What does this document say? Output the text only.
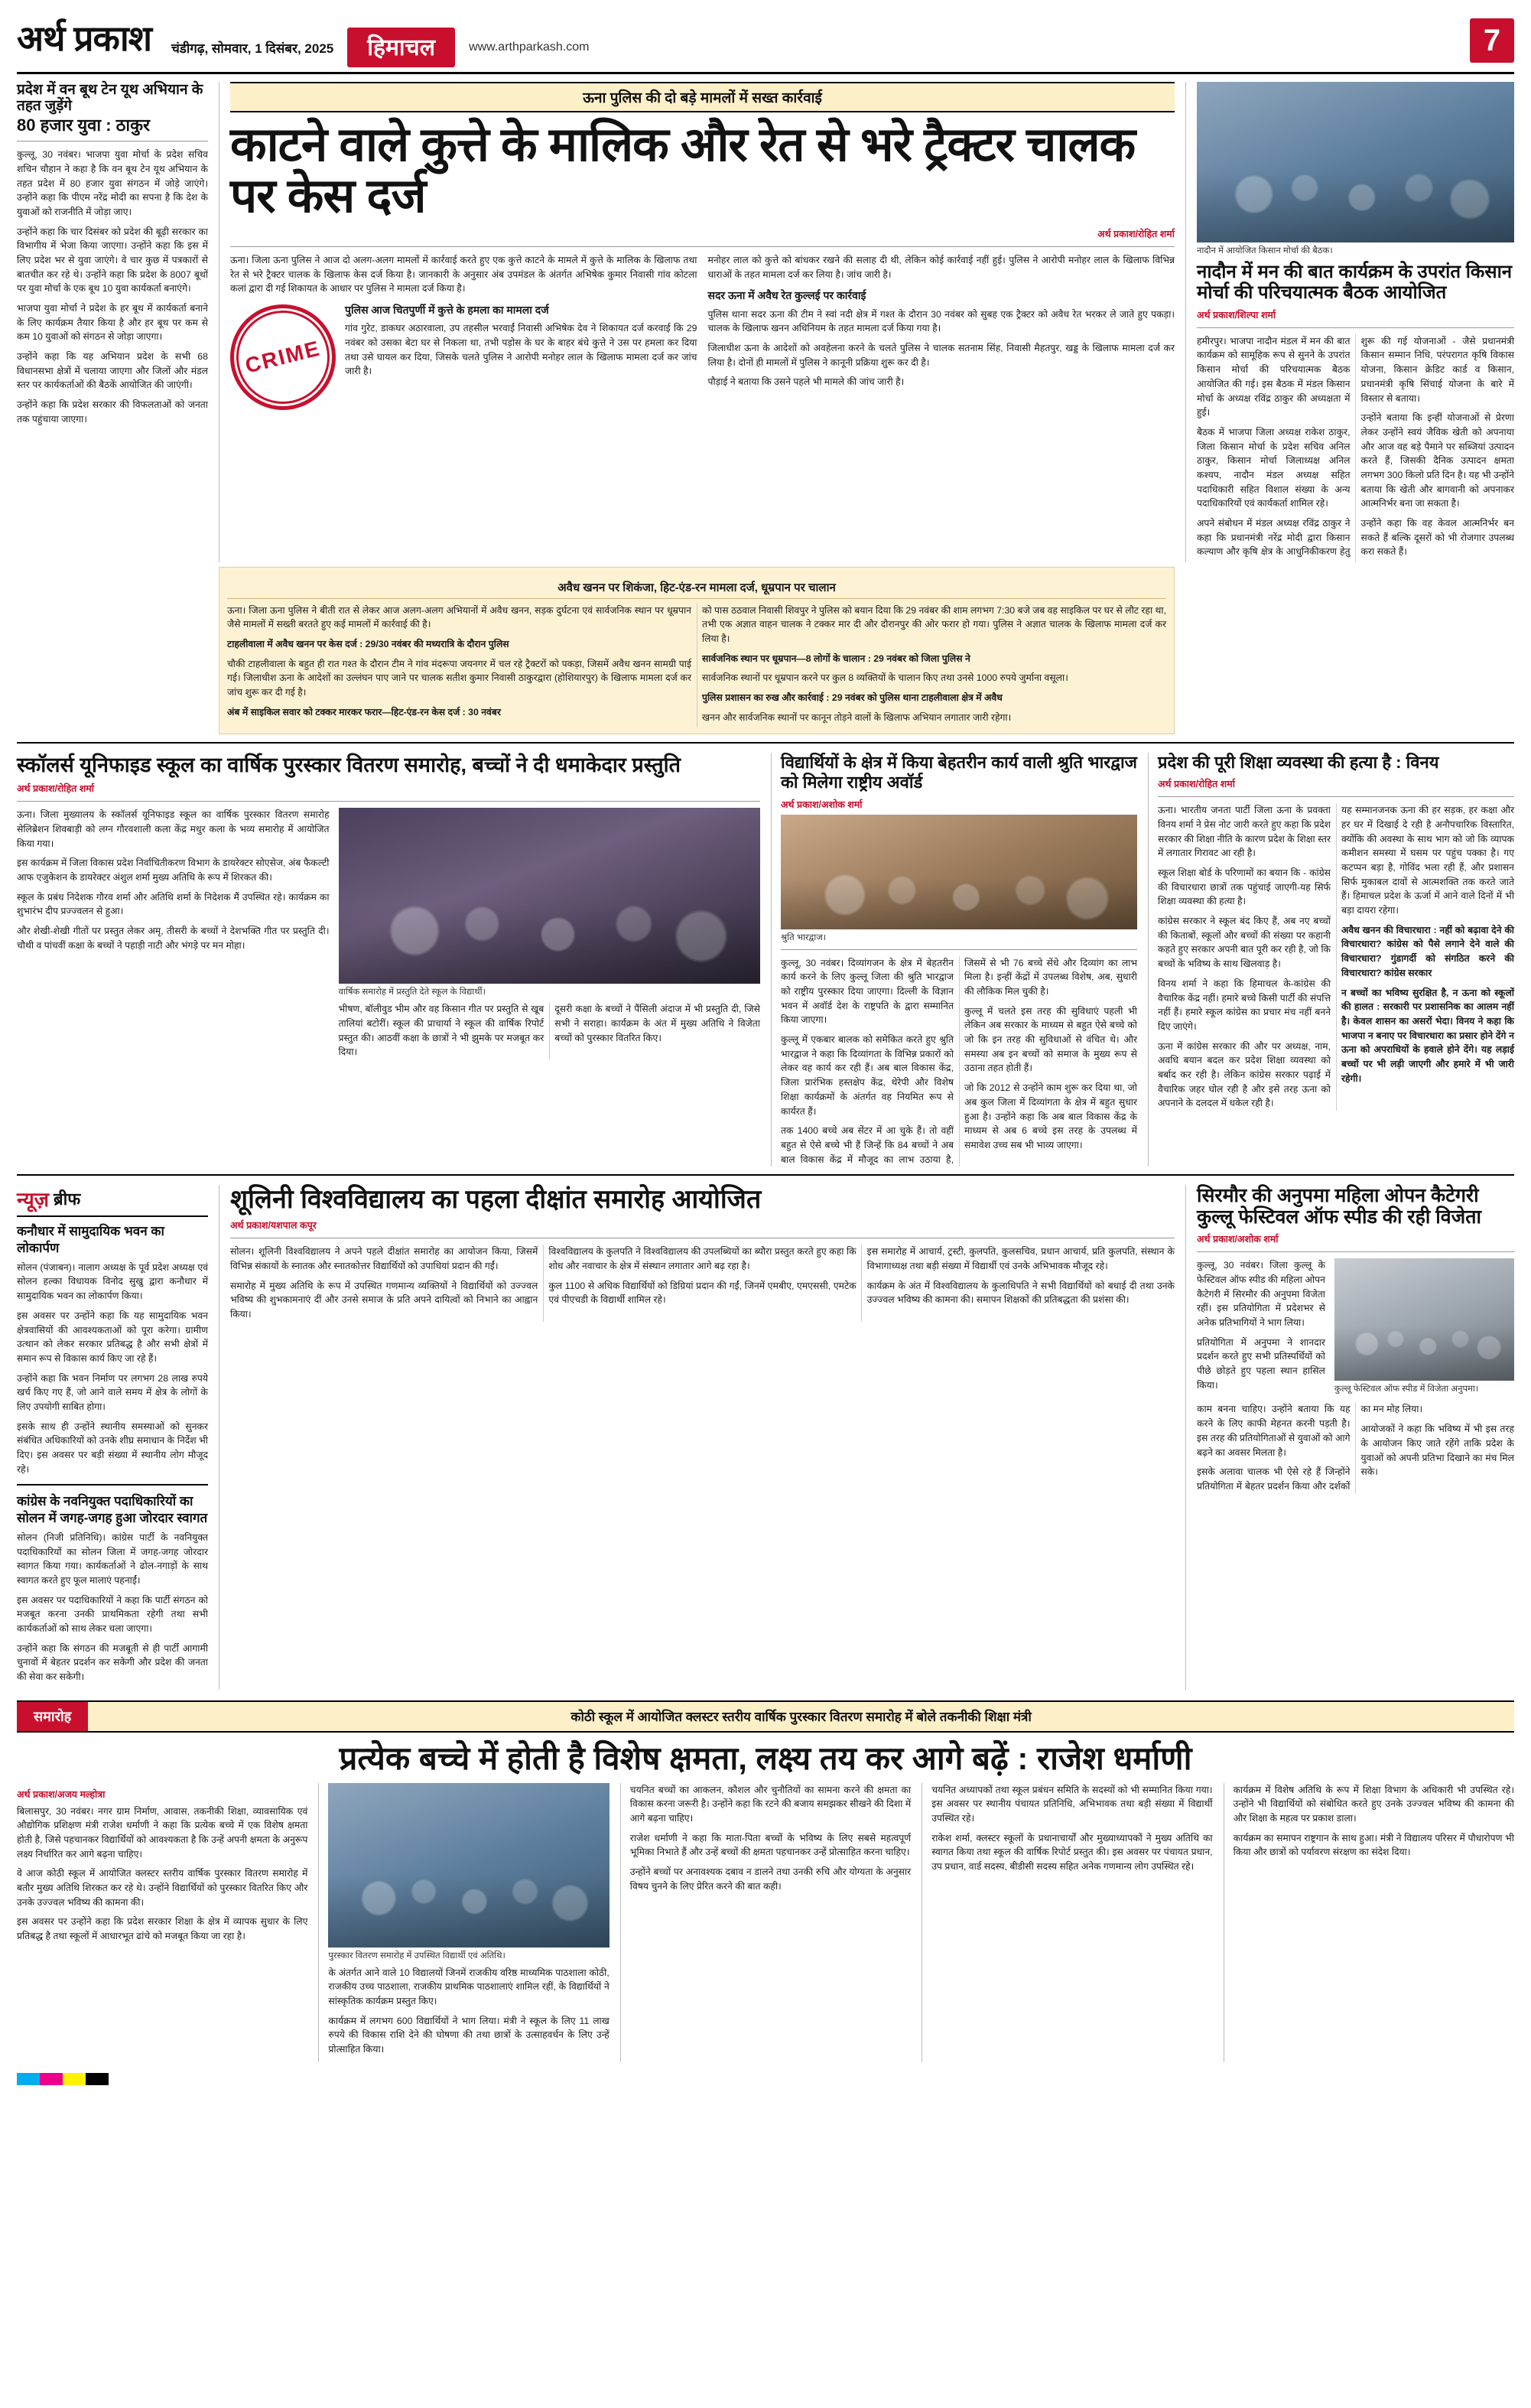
अर्थ प्रकाश	चंडीगढ़, सोमवार, 1 दिसंबर, 2025	हिमाचल	www.arthparkash.com	7
प्रदेश में वन बूथ टेन यूथ अभियान के तहत जुड़ेंगे
80 हजार युवा : ठाकुर

कुल्लू, 30 नवंबर। भाजपा युवा मोर्चा के प्रदेश सचिव शचिन चौहान ने कहा है कि वन बूथ टेन यूथ अभियान के तहत प्रदेश में 80 हजार युवा संगठन में जोड़े जाएंगे। उन्होंने कहा कि पीएम नरेंद्र मोदी का सपना है कि देश के युवाओं को राजनीति में जोड़ा जाए।

उन्होंने कहा कि चार दिसंबर को प्रदेश की बूढ़ी सरकार का विभागीय में भेजा किया जाएगा। उन्होंने कहा कि इस में लिए प्रदेश भर से युवा जाएंगे। वे चार कुछ में पत्रकारों से बातचीत कर रहे थे। उन्होंने कहा कि प्रदेश के 8007 बूथों पर युवा मोर्चा के एक बूथ 10 युवा कार्यकर्ता बनाएंगे।

भाजपा युवा मोर्चा ने प्रदेश के हर बूथ में कार्यकर्ता बनाने के लिए कार्यक्रम तैयार किया है और हर बूथ पर कम से कम 10 युवाओं को संगठन से जोड़ा जाएगा।

उन्होंने कहा कि यह अभियान प्रदेश के सभी 68 विधानसभा क्षेत्रों में चलाया जाएगा और जिलों और मंडल स्तर पर कार्यकर्ताओं की बैठकें आयोजित की जाएंगी।

उन्होंने कहा कि प्रदेश सरकार की विफलताओं को जनता तक पहुंचाया जाएगा।

ऊना पुलिस की दो बड़े मामलों में सख्त कार्रवाई
काटने वाले कुत्ते के मालिक और रेत से भरे ट्रैक्टर चालक पर केस दर्ज
अर्थ प्रकाश/रोहित शर्मा

ऊना। जिला ऊना पुलिस ने आज दो अलग-अलग मामलों में कार्रवाई करते हुए एक कुत्ते काटने के मामले में कुत्ते के मालिक के खिलाफ तथा रेत से भरे ट्रैक्टर चालक के खिलाफ केस दर्ज किया है। जानकारी के अनुसार अंब उपमंडल के अंतर्गत अभिषेक कुमार निवासी गांव कोटला कलां द्वारा दी गई शिकायत के आधार पर पुलिस ने मामला दर्ज किया है।

CRIME
पुलिस आज चितपुर्णी में कुत्ते के हमला का मामला दर्ज

गांव गुरेट, डाकघर अठारवाला, उप तहसील भरवाईं निवासी अभिषेक देव ने शिकायत दर्ज करवाई कि 29 नवंबर को उसका बेटा घर से निकला था, तभी पड़ोस के घर के बाहर बंधे कुत्ते ने उस पर हमला कर दिया तथा उसे घायल कर दिया, जिसके चलते पुलिस ने आरोपी मनोहर लाल के खिलाफ मामला दर्ज कर जांच जारी है।

मनोहर लाल को कुत्ते को बांधकर रखने की सलाह दी थी, लेकिन कोई कार्रवाई नहीं हुई। पुलिस ने आरोपी मनोहर लाल के खिलाफ विभिन्न धाराओं के तहत मामला दर्ज कर लिया है। जांच जारी है।

सदर ऊना में अवैध रेत कुल्लई पर कार्रवाई

पुलिस थाना सदर ऊना की टीम ने स्वां नदी क्षेत्र में गश्त के दौरान 30 नवंबर को सुबह एक ट्रैक्टर को अवैध रेत भरकर ले जाते हुए पकड़ा। चालक के खिलाफ खनन अधिनियम के तहत मामला दर्ज किया गया है।

जिलाधीश ऊना के आदेशों को अवहेलना करने के चलते पुलिस ने चालक सतनाम सिंह, निवासी मैहतपुर, खड्ड के खिलाफ मामला दर्ज कर लिया है। दोनों ही मामलों में पुलिस ने कानूनी प्रक्रिया शुरू कर दी है।

पौड़ाई ने बताया कि उसने पहले भी मामले की जांच जारी है।

नादौन में आयोजित किसान मोर्चा की बैठक।
नादौन में मन की बात कार्यक्रम के उपरांत किसान मोर्चा की परिचयात्मक बैठक आयोजित
अर्थ प्रकाश/शिल्पा शर्मा

हमीरपुर। भाजपा नादौन मंडल में मन की बात कार्यक्रम को सामूहिक रूप से सुनने के उपरांत किसान मोर्चा की परिचयात्मक बैठक आयोजित की गई। इस बैठक में मंडल किसान मोर्चा के अध्यक्ष रविंद्र ठाकुर की अध्यक्षता में हुई।

बैठक में भाजपा जिला अध्यक्ष राकेश ठाकुर, जिला किसान मोर्चा के प्रदेश सचिव अनिल ठाकुर, किसान मोर्चा जिलाध्यक्ष अनिल कश्यप, नादौन मंडल अध्यक्ष सहित पदाधिकारी सहित विशाल संख्या के अन्य पदाधिकारियों एवं कार्यकर्ता शामिल रहे।

अपने संबोधन में मंडल अध्यक्ष रविंद्र ठाकुर ने कहा कि प्रधानमंत्री नरेंद्र मोदी द्वारा किसान कल्याण और कृषि क्षेत्र के आधुनिकीकरण हेतु शुरू की गई योजनाओं - जैसे प्रधानमंत्री किसान सम्मान निधि, परंपरागत कृषि विकास योजना, किसान क्रेडिट कार्ड व किसान, प्रधानमंत्री कृषि सिंचाई योजना के बारे में विस्तार से बताया।

उन्होंने बताया कि इन्हीं योजनाओं से प्रेरणा लेकर उन्होंने स्वयं जैविक खेती को अपनाया और आज वह बड़े पैमाने पर सब्जियां उत्पादन करते हैं, जिसकी दैनिक उत्पादन क्षमता लगभग 300 किलो प्रति दिन है। यह भी उन्होंने बताया कि खेती और बागवानी को अपनाकर आत्मनिर्भर बना जा सकता है।

उन्होंने कहा कि वह केवल आत्मनिर्भर बन सकते हैं बल्कि दूसरों को भी रोजगार उपलब्ध करा सकते हैं।

अवैध खनन पर शिकंजा, हिट-एंड-रन मामला दर्ज, धूम्रपान पर चालान

ऊना। जिला ऊना पुलिस ने बीती रात से लेकर आज अलग-अलग अभियानों में अवैध खनन, सड़क दुर्घटना एवं सार्वजनिक स्थान पर धूम्रपान जैसे मामलों में सख्ती बरतते हुए कई मामलों में कार्रवाई की है।

टाहलीवाला में अवैध खनन पर केस दर्ज : 29/30 नवंबर की मध्यरात्रि के दौरान पुलिस

चौकी टाहलीवाला के बहुत ही रात गश्त के दौरान टीम ने गांव मंदरूपा जयनगर में चल रहे ट्रैक्टरों को पकड़ा, जिसमें अवैध खनन सामग्री पाई गई। जिलाधीश ऊना के आदेशों का उल्लंघन पाए जाने पर चालक सतीश कुमार निवासी ठाकुरद्वारा (होशियारपुर) के खिलाफ मामला दर्ज कर जांच शुरू कर दी गई है।

अंब में साइकिल सवार को टक्कर मारकर फरार—हिट-एंड-रन केस दर्ज : 30 नवंबर

को पास ठठवाल निवासी शिवपुर ने पुलिस को बयान दिया कि 29 नवंबर की शाम लगभग 7:30 बजे जब वह साइकिल पर घर से लौट रहा था, तभी एक अज्ञात वाहन चालक ने टक्कर मार दी और दौरानपुर की ओर फरार हो गया। पुलिस ने अज्ञात चालक के खिलाफ मामला दर्ज कर लिया है।

सार्वजनिक स्थान पर धूम्रपान—8 लोगों के चालान : 29 नवंबर को जिला पुलिस ने

सार्वजनिक स्थानों पर धूम्रपान करने पर कुल 8 व्यक्तियों के चालान किए तथा उनसे 1000 रुपये जुर्माना वसूला।

पुलिस प्रशासन का रुख और कार्रवाई : 29 नवंबर को पुलिस थाना टाहलीवाला क्षेत्र में अवैध

खनन और सार्वजनिक स्थानों पर कानून तोड़ने वालों के खिलाफ अभियान लगातार जारी रहेगा।

स्कॉलर्स यूनिफाइड स्कूल का वार्षिक पुरस्कार वितरण समारोह, बच्चों ने दी धमाकेदार प्रस्तुति
अर्थ प्रकाश/रोहित शर्मा

ऊना। जिला मुख्यालय के स्कॉलर्स यूनिफाइड स्कूल का वार्षिक पुरस्कार वितरण समारोह सेलिब्रेशन शिवबाड़ी को लग्न गौरवशाली कला केंद्र मधुर कला के भव्य समारोह में आयोजित किया गया।

इस कार्यक्रम में जिला विकास प्रदेश निर्वाचितीकरण विभाग के डायरेक्टर सोएसेज, अंब फैकल्टी आफ एजुकेशन के डायरेक्टर अंशुल शर्मा मुख्य अतिथि के रूप में शिरकत की।

स्कूल के प्रबंध निदेशक गौरव शर्मा और अतिथि शर्मा के निदेशक मैं उपस्थित रहे। कार्यक्रम का शुभारंभ दीप प्रज्ज्वलन से हुआ।

और शेखी-शेखी गीतों पर प्रस्तुत लेकर अमृ, तीसरी के बच्चों ने देशभक्ति गीत पर प्रस्तुति दी। चौथी व पांचवीं कक्षा के बच्चों ने पहाड़ी नाटी और भंगड़े पर मन मोहा।

वार्षिक समारोह में प्रस्तुति देते स्कूल के विद्यार्थी।

भीषण, बॉलीवुड भीम और वह किसान गीत पर प्रस्तुति से खूब तालियां बटोरीं। स्कूल की प्राचार्या ने स्कूल की वार्षिक रिपोर्ट प्रस्तुत की। आठवीं कक्षा के छात्रों ने भी झुमके पर मजबूत कर दिया।

दूसरी कक्षा के बच्चों ने पैंसिली अंदाज में भी प्रस्तुति दी, जिसे सभी ने सराहा। कार्यक्रम के अंत में मुख्य अतिथि ने विजेता बच्चों को पुरस्कार वितरित किए।

विद्यार्थियों के क्षेत्र में किया बेहतरीन कार्य वाली श्रुति भारद्वाज को मिलेगा राष्ट्रीय अवॉर्ड
अर्थ प्रकाश/अशोक शर्मा
श्रुति भारद्वाज।

कुल्लू, 30 नवंबर। दिव्यांगजन के क्षेत्र में बेहतरीन कार्य करने के लिए कुल्लू जिला की श्रुति भारद्वाज को राष्ट्रीय पुरस्कार दिया जाएगा। दिल्ली के विज्ञान भवन में अवॉर्ड देश के राष्ट्रपति के द्वारा सम्मानित किया जाएगा।

कुल्लू में एकबार बालक को समेकित करते हुए श्रुति भारद्वाज ने कहा कि दिव्यांगता के विभिन्न प्रकारों को लेकर वह कार्य कर रही हैं। अब बाल विकास केंद्र, जिला प्रारंभिक हस्तक्षेप केंद्र, थेरेपी और विशेष शिक्षा कार्यक्रमों के अंतर्गत वह नियमित रूप से कार्यरत हैं।

तक 1400 बच्चे अब सेंटर में आ चुके हैं। तो वहीं बहुत से ऐसे बच्चे भी हैं जिन्हें कि 84 बच्चों ने अब बाल विकास केंद्र में मौजूद का लाभ उठाया है, जिसमें से भी 76 बच्चे सेंधे और दिव्यांग का लाभ मिला है। इन्हीं केंद्रों में उपलब्ध विशेष, अब, सुधारी की लौकिक मिल चुकी है।

कुल्लू में चलते इस तरह की सुविधाएं पहली भी लेकिन अब सरकार के माध्यम से बहुत ऐसे बच्चे को जो कि इन तरह की सुविधाओं से वंचित थे। और समस्या अब इन बच्चों को समाज के मुख्य रूप से उठाना तहत होती हैं।

जो कि 2012 से उन्होंने काम शुरू कर दिया था, जो अब कुल जिला में दिव्यांगता के क्षेत्र में बहुत सुधार हुआ है। उन्होंने कहा कि अब बाल विकास केंद्र के माध्यम से अब 6 बच्चे इस तरह के उपलब्ध में समावेश उच्च सब भी भाव्य जाएगा।

प्रदेश की पूरी शिक्षा व्यवस्था की हत्या है : विनय
अर्थ प्रकाश/रोहित शर्मा

ऊना। भारतीय जनता पार्टी जिला ऊना के प्रवक्ता विनय शर्मा ने प्रेस नोट जारी करते हुए कहा कि प्रदेश सरकार की शिक्षा नीति के कारण प्रदेश के शिक्षा स्तर में लगातार गिरावट आ रही है।

स्कूल शिक्षा बोर्ड के परिणामों का बयान कि - कांग्रेस की विचारधारा छात्रों तक पहुंचाई जाएगी-यह सिर्फ शिक्षा व्यवस्था की हत्या है।

कांग्रेस सरकार ने स्कूल बंद किए हैं, अब नए बच्चों की किताबों, स्कूलों और बच्चों की संख्या पर कहानी कहते हुए सरकार अपनी बात पूरी कर रही है, जो कि बच्चों के भविष्य के साथ खिलवाड़ है।

विनय शर्मा ने कहा कि हिमाचल के-कांग्रेस की वैचारिक केंद्र नहीं। हमारे बच्चे किसी पार्टी की संपत्ति नहीं हैं। हमारे स्कूल कांग्रेस का प्रचार मंच नहीं बनने दिए जाएंगे।

ऊना में कांग्रेस सरकार की और पर अध्यक्ष, नाम, अवधि बयान बदल कर प्रदेश शिक्षा व्यवस्था को बर्बाद कर रही है। लेकिन कांग्रेस सरकार पढ़ाई में वैचारिक जहर घोल रही है और इसे तरह ऊना को अपनाने के दलदल में धकेल रही है।

यह सम्मानजनक ऊना की हर सड़क, हर कक्षा और हर घर में दिखाई दे रही है अनौपचारिक विस्तारित, क्योंकि की अवस्था के साथ भाग को जो कि व्यापक कमीशन समस्या में घसम पर पहुंच पक्का है। गए कटप्पन बड़ा है, गोविंद भला रही हैं, और प्रशासन सिर्फ मुकाबल दावों से आत्मशक्ति तक करते जाते हैं। हिमाचल प्रदेश के ऊर्जा में आने वाले दिनों में भी बड़ा दायरा रहेगा।

अवैध खनन की विचारधारा : नहीं को बढ़ावा देने की विचारधारा? कांग्रेस को पैसे लगाने देने वाले की विचारधारा? गुंडागर्दी को संगठित करने की विचारधारा? कांग्रेस सरकार

न बच्चों का भविष्य सुरक्षित है, न ऊना को स्कूलों की हालत : सरकारी पर प्रशासनिक का आलम नहीं है। केवल शासन का असरों भेदा। विनय ने कहा कि भाजपा न बनाए पर विचारधारा का प्रसार होने देंगे न ऊना को अपराधियों के हवाले होने देंगे। यह लड़ाई बच्चों पर भी लड़ी जाएगी और हमारे में भी जारी रहेगी।

न्यूज़ ब्रीफ
कनौधार में सामुदायिक भवन का लोकार्पण

सोलन (पंजाबन)। नालाग अध्यक्ष के पूर्व प्रदेश अध्यक्ष एवं सोलन हल्का विधायक विनोद सुखु द्वारा कनौधार में सामुदायिक भवन का लोकार्पण किया।

इस अवसर पर उन्होंने कहा कि यह सामुदायिक भवन क्षेत्रवासियों की आवश्यकताओं को पूरा करेगा। ग्रामीण उत्थान को लेकर सरकार प्रतिबद्ध है और सभी क्षेत्रों में समान रूप से विकास कार्य किए जा रहे हैं।

उन्होंने कहा कि भवन निर्माण पर लगभग 28 लाख रुपये खर्च किए गए हैं, जो आने वाले समय में क्षेत्र के लोगों के लिए उपयोगी साबित होगा।

इसके साथ ही उन्होंने स्थानीय समस्याओं को सुनकर संबंधित अधिकारियों को उनके शीघ्र समाधान के निर्देश भी दिए। इस अवसर पर बड़ी संख्या में स्थानीय लोग मौजूद रहे।

कांग्रेस के नवनियुक्त पदाधिकारियों का सोलन में जगह-जगह हुआ जोरदार स्वागत

सोलन (निजी प्रतिनिधि)। कांग्रेस पार्टी के नवनियुक्त पदाधिकारियों का सोलन जिला में जगह-जगह जोरदार स्वागत किया गया। कार्यकर्ताओं ने ढोल-नगाड़ों के साथ स्वागत करते हुए फूल मालाएं पहनाईं।

इस अवसर पर पदाधिकारियों ने कहा कि पार्टी संगठन को मजबूत करना उनकी प्राथमिकता रहेगी तथा सभी कार्यकर्ताओं को साथ लेकर चला जाएगा।

उन्होंने कहा कि संगठन की मजबूती से ही पार्टी आगामी चुनावों में बेहतर प्रदर्शन कर सकेगी और प्रदेश की जनता की सेवा कर सकेगी।

शूलिनी विश्वविद्यालय का पहला दीक्षांत समारोह आयोजित
अर्थ प्रकाश/यशपाल कपूर

सोलन। शूलिनी विश्वविद्यालय ने अपने पहले दीक्षांत समारोह का आयोजन किया, जिसमें विभिन्न संकायों के स्नातक और स्नातकोत्तर विद्यार्थियों को उपाधियां प्रदान की गईं।

समारोह में मुख्य अतिथि के रूप में उपस्थित गणमान्य व्यक्तियों ने विद्यार्थियों को उज्ज्वल भविष्य की शुभकामनाएं दीं और उनसे समाज के प्रति अपने दायित्वों को निभाने का आह्वान किया।

विश्वविद्यालय के कुलपति ने विश्वविद्यालय की उपलब्धियों का ब्यौरा प्रस्तुत करते हुए कहा कि शोध और नवाचार के क्षेत्र में संस्थान लगातार आगे बढ़ रहा है।

कुल 1100 से अधिक विद्यार्थियों को डिग्रियां प्रदान की गईं, जिनमें एमबीए, एमएससी, एमटेक एवं पीएचडी के विद्यार्थी शामिल रहे।

इस समारोह में आचार्य, ट्रस्टी, कुलपति, कुलसचिव, प्रधान आचार्य, प्रति कुलपति, संस्थान के विभागाध्यक्ष तथा बड़ी संख्या में विद्यार्थी एवं उनके अभिभावक मौजूद रहे।

कार्यक्रम के अंत में विश्वविद्यालय के कुलाधिपति ने सभी विद्यार्थियों को बधाई दी तथा उनके उज्ज्वल भविष्य की कामना की। समापन शिक्षकों की प्रतिबद्धता की प्रशंसा की।

सिरमौर की अनुपमा महिला ओपन कैटेगरी कुल्लू फेस्टिवल ऑफ स्पीड की रही विजेता
अर्थ प्रकाश/अशोक शर्मा

कुल्लू, 30 नवंबर। जिला कुल्लू के फेस्टिवल ऑफ स्पीड की महिला ओपन कैटेगरी में सिरमौर की अनुपमा विजेता रहीं। इस प्रतियोगिता में प्रदेशभर से अनेक प्रतिभागियों ने भाग लिया।

प्रतियोगिता में अनुपमा ने शानदार प्रदर्शन करते हुए सभी प्रतिस्पर्धियों को पीछे छोड़ते हुए पहला स्थान हासिल किया।	कुल्लू फेस्टिवल ऑफ स्पीड में विजेता अनुपमा।

काम बनना चाहिए। उन्होंने बताया कि यह करने के लिए काफी मेहनत करनी पड़ती है। इस तरह की प्रतियोगिताओं से युवाओं को आगे बढ़ने का अवसर मिलता है।

इसके अलावा चालक भी ऐसे रहे हैं जिन्होंने प्रतियोगिता में बेहतर प्रदर्शन किया और दर्शकों का मन मोह लिया।

आयोजकों ने कहा कि भविष्य में भी इस तरह के आयोजन किए जाते रहेंगे ताकि प्रदेश के युवाओं को अपनी प्रतिभा दिखाने का मंच मिल सके।

समारोह	कोठी स्कूल में आयोजित क्लस्टर स्तरीय वार्षिक पुरस्कार वितरण समारोह में बोले तकनीकी शिक्षा मंत्री
प्रत्येक बच्चे में होती है विशेष क्षमता, लक्ष्य तय कर आगे बढ़ें : राजेश धर्माणी
अर्थ प्रकाश/अजय मल्होत्रा

बिलासपुर, 30 नवंबर। नगर ग्राम निर्माण, आवास, तकनीकी शिक्षा, व्यावसायिक एवं औद्योगिक प्रशिक्षण मंत्री राजेश धर्माणी ने कहा कि प्रत्येक बच्चे में एक विशेष क्षमता होती है, जिसे पहचानकर विद्यार्थियों को आवश्यकता है कि उन्हें अपनी क्षमता के अनुरूप लक्ष्य निर्धारित कर आगे बढ़ना चाहिए।

वे आज कोठी स्कूल में आयोजित क्लस्टर स्तरीय वार्षिक पुरस्कार वितरण समारोह में बतौर मुख्य अतिथि शिरकत कर रहे थे। उन्होंने विद्यार्थियों को पुरस्कार वितरित किए और उनके उज्ज्वल भविष्य की कामना की।

इस अवसर पर उन्होंने कहा कि प्रदेश सरकार शिक्षा के क्षेत्र में व्यापक सुधार के लिए प्रतिबद्ध है तथा स्कूलों में आधारभूत ढांचे को मजबूत किया जा रहा है।

पुरस्कार वितरण समारोह में उपस्थित विद्यार्थी एवं अतिथि।

के अंतर्गत आने वाले 10 विद्यालयों जिनमें राजकीय वरिष्ठ माध्यमिक पाठशाला कोठी, राजकीय उच्च पाठशाला, राजकीय प्राथमिक पाठशालाएं शामिल रहीं, के विद्यार्थियों ने सांस्कृतिक कार्यक्रम प्रस्तुत किए।

कार्यक्रम में लगभग 600 विद्यार्थियों ने भाग लिया। मंत्री ने स्कूल के लिए 11 लाख रुपये की विकास राशि देने की घोषणा की तथा छात्रों के उत्साहवर्धन के लिए उन्हें प्रोत्साहित किया।

चयनित बच्चों का आकलन, कौशल और चुनौतियों का सामना करने की क्षमता का विकास करना जरूरी है। उन्होंने कहा कि रटने की बजाय समझकर सीखने की दिशा में आगे बढ़ना चाहिए।

राजेश धर्माणी ने कहा कि माता-पिता बच्चों के भविष्य के लिए सबसे महत्वपूर्ण भूमिका निभाते हैं और उन्हें बच्चों की क्षमता पहचानकर उन्हें प्रोत्साहित करना चाहिए।

उन्होंने बच्चों पर अनावश्यक दबाव न डालने तथा उनकी रुचि और योग्यता के अनुसार विषय चुनने के लिए प्रेरित करने की बात कही।

चयनित अध्यापकों तथा स्कूल प्रबंधन समिति के सदस्यों को भी सम्मानित किया गया। इस अवसर पर स्थानीय पंचायत प्रतिनिधि, अभिभावक तथा बड़ी संख्या में विद्यार्थी उपस्थित रहे।

राकेश शर्मा, क्लस्टर स्कूलों के प्रधानाचार्यों और मुख्याध्यापकों ने मुख्य अतिथि का स्वागत किया तथा स्कूल की वार्षिक रिपोर्ट प्रस्तुत की। इस अवसर पर पंचायत प्रधान, उप प्रधान, वार्ड सदस्य, बीडीसी सदस्य सहित अनेक गणमान्य लोग उपस्थित रहे।

कार्यक्रम में विशेष अतिथि के रूप में शिक्षा विभाग के अधिकारी भी उपस्थित रहे। उन्होंने भी विद्यार्थियों को संबोधित करते हुए उनके उज्ज्वल भविष्य की कामना की और शिक्षा के महत्व पर प्रकाश डाला।

कार्यक्रम का समापन राष्ट्रगान के साथ हुआ। मंत्री ने विद्यालय परिसर में पौधारोपण भी किया और छात्रों को पर्यावरण संरक्षण का संदेश दिया।
